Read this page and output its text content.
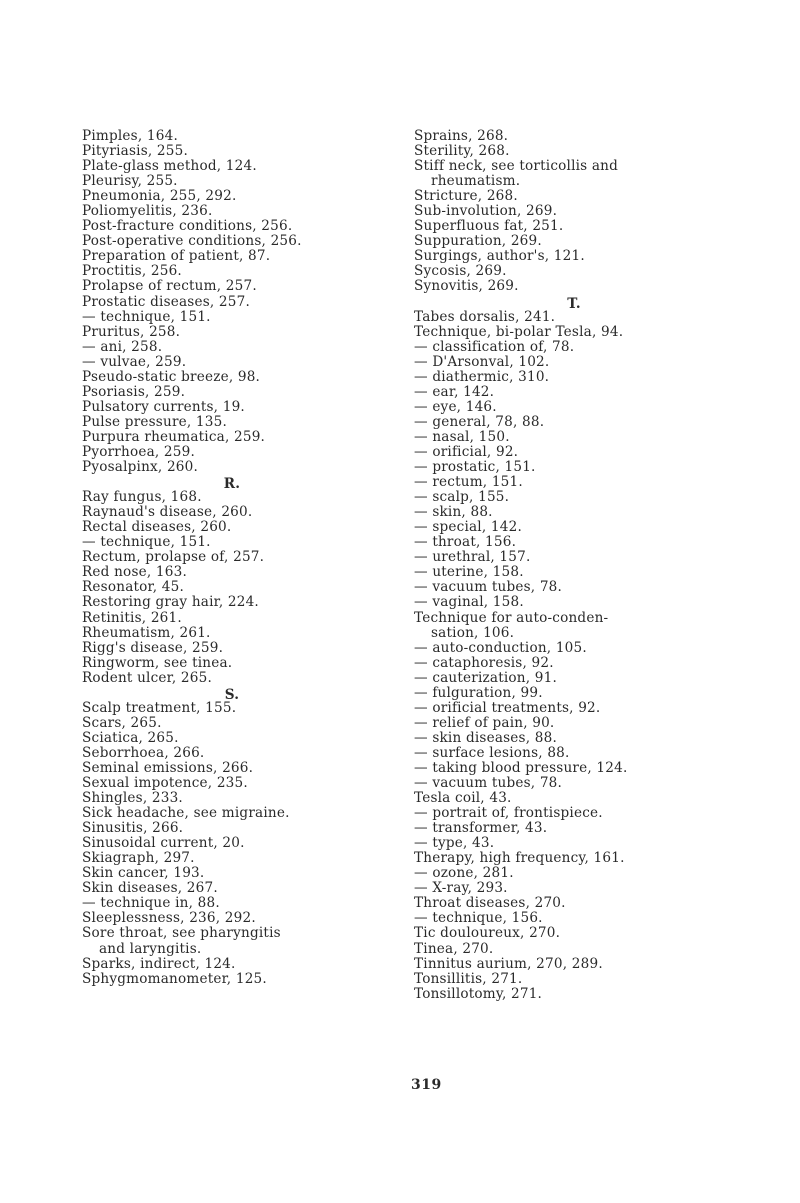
Pimples, 164.
Pityriasis, 255.
Plate-glass method, 124.
Pleurisy, 255.
Pneumonia, 255, 292.
Poliomyelitis, 236.
Post-fracture conditions, 256.
Post-operative conditions, 256.
Preparation of patient, 87.
Proctitis, 256.
Prolapse of rectum, 257.
Prostatic diseases, 257.
— technique, 151.
Pruritus, 258.
— ani, 258.
— vulvae, 259.
Pseudo-static breeze, 98.
Psoriasis, 259.
Pulsatory currents, 19.
Pulse pressure, 135.
Purpura rheumatica, 259.
Pyorrhoea, 259.
Pyosalpinx, 260.
R.
Ray fungus, 168.
Raynaud's disease, 260.
Rectal diseases, 260.
— technique, 151.
Rectum, prolapse of, 257.
Red nose, 163.
Resonator, 45.
Restoring gray hair, 224.
Retinitis, 261.
Rheumatism, 261.
Rigg's disease, 259.
Ringworm, see tinea.
Rodent ulcer, 265.
S.
Scalp treatment, 155.
Scars, 265.
Sciatica, 265.
Seborrhoea, 266.
Seminal emissions, 266.
Sexual impotence, 235.
Shingles, 233.
Sick headache, see migraine.
Sinusitis, 266.
Sinusoidal current, 20.
Skiagraph, 297.
Skin cancer, 193.
Skin diseases, 267.
— technique in, 88.
Sleeplessness, 236, 292.
Sore throat, see pharyngitis
and laryngitis.
Sparks, indirect, 124.
Sphygmomanometer, 125.
Sprains, 268.
Sterility, 268.
Stiff neck, see torticollis and
rheumatism.
Stricture, 268.
Sub-involution, 269.
Superfluous fat, 251.
Suppuration, 269.
Surgings, author's, 121.
Sycosis, 269.
Synovitis, 269.
T.
Tabes dorsalis, 241.
Technique, bi-polar Tesla, 94.
— classification of, 78.
— D'Arsonval, 102.
— diathermic, 310.
— ear, 142.
— eye, 146.
— general, 78, 88.
— nasal, 150.
— orificial, 92.
— prostatic, 151.
— rectum, 151.
— scalp, 155.
— skin, 88.
— special, 142.
— throat, 156.
— urethral, 157.
— uterine, 158.
— vacuum tubes, 78.
— vaginal, 158.
Technique for auto-conden-
sation, 106.
— auto-conduction, 105.
— cataphoresis, 92.
— cauterization, 91.
— fulguration, 99.
— orificial treatments, 92.
— relief of pain, 90.
— skin diseases, 88.
— surface lesions, 88.
— taking blood pressure, 124.
— vacuum tubes, 78.
Tesla coil, 43.
— portrait of, frontispiece.
— transformer, 43.
— type, 43.
Therapy, high frequency, 161.
— ozone, 281.
— X-ray, 293.
Throat diseases, 270.
— technique, 156.
Tic douloureux, 270.
Tinea, 270.
Tinnitus aurium, 270, 289.
Tonsillitis, 271.
Tonsillotomy, 271.
319
